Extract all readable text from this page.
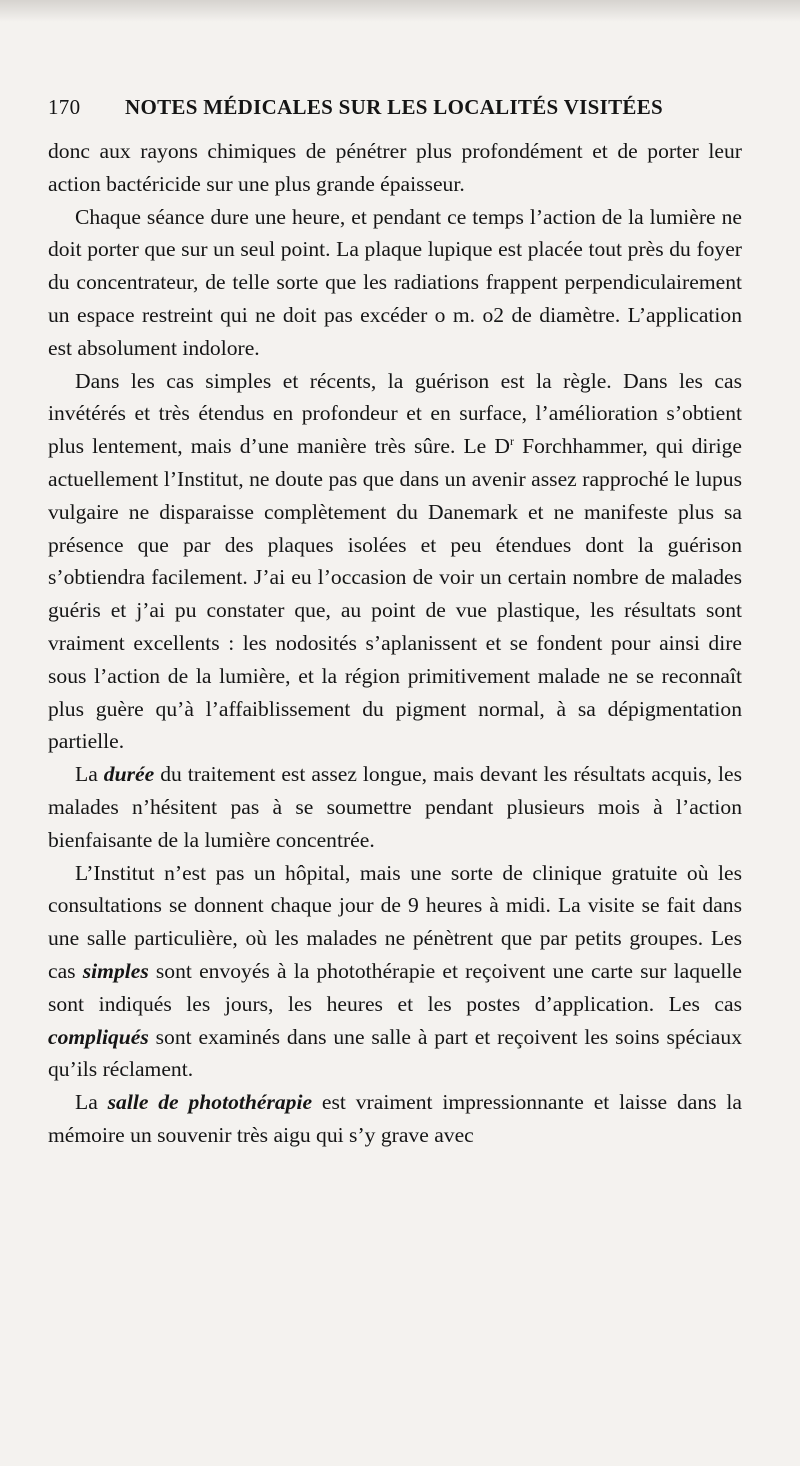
170 NOTES MÉDICALES SUR LES LOCALITÉS VISITÉES

donc aux rayons chimiques de pénétrer plus profondément et de porter leur action bactéricide sur une plus grande épaisseur.

Chaque séance dure une heure, et pendant ce temps l’action de la lumière ne doit porter que sur un seul point. La plaque lupique est placée tout près du foyer du concentrateur, de telle sorte que les radiations frappent perpendiculairement un espace restreint qui ne doit pas excéder o m. o2 de diamètre. L’application est absolument indolore.

Dans les cas simples et récents, la guérison est la règle. Dans les cas invétérés et très étendus en profondeur et en surface, l’amélioration s’obtient plus lentement, mais d’une manière très sûre. Le $D^r$ Forchhammer, qui dirige actuellement l’Institut, ne doute pas que dans un avenir assez rapproché le lupus vulgaire ne disparaisse complètement du Danemark et ne manifeste plus sa présence que par des plaques isolées et peu étendues dont la guérison s’obtiendra facilement. J’ai eu l’occasion de voir un certain nombre de malades guéris et j’ai pu constater que, au point de vue plastique, les résultats sont vraiment excellents : les nodosités s’aplanissent et se fondent pour ainsi dire sous l’action de la lumière, et la région primitivement malade ne se reconnaît plus guère qu’à l’affaiblissement du pigment normal, à sa dépigmentation partielle.

La durée du traitement est assez longue, mais devant les résultats acquis, les malades n’hésitent pas à se soumettre pendant plusieurs mois à l’action bienfaisante de la lumière concentrée.

L’Institut n’est pas un hôpital, mais une sorte de clinique gratuite où les consultations se donnent chaque jour de 9 heures à midi. La visite se fait dans une salle particulière, où les malades ne pénètrent que par petits groupes. Les cas simples sont envoyés à la photothérapie et reçoivent une carte sur laquelle sont indiqués les jours, les heures et les postes d’application. Les cas compliqués sont examinés dans une salle à part et reçoivent les soins spéciaux qu’ils réclament.

La salle de photothérapie est vraiment impressionnante et laisse dans la mémoire un souvenir très aigu qui s’y grave avec
